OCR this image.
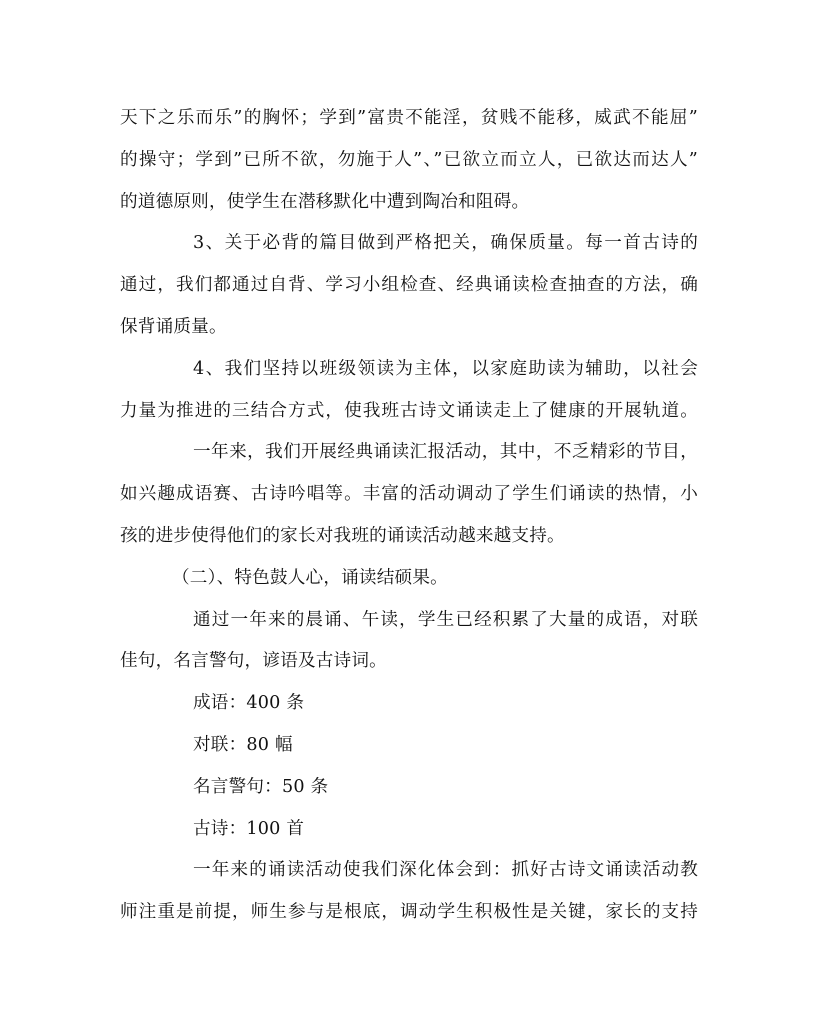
天下之乐而乐”的胸怀；学到”富贵不能淫，贫贱不能移，威武不能屈”
的操守；学到”已所不欲，勿施于人”、”已欲立而立人，已欲达而达人”
的道德原则，使学生在潜移默化中遭到陶冶和阻碍。
3、关于必背的篇目做到严格把关，确保质量。每一首古诗的
通过，我们都通过自背、学习小组检查、经典诵读检查抽查的方法，确
保背诵质量。
4、我们坚持以班级领读为主体，以家庭助读为辅助，以社会
力量为推进的三结合方式，使我班古诗文诵读走上了健康的开展轨道。
一年来，我们开展经典诵读汇报活动，其中，不乏精彩的节目，
如兴趣成语赛、古诗吟唱等。丰富的活动调动了学生们诵读的热情，小
孩的进步使得他们的家长对我班的诵读活动越来越支持。
（二）、特色鼓人心，诵读结硕果。
通过一年来的晨诵、午读，学生已经积累了大量的成语，对联
佳句，名言警句，谚语及古诗词。
成语：400 条
对联：80 幅
名言警句：50 条
古诗：100 首
一年来的诵读活动使我们深化体会到：抓好古诗文诵读活动教
师注重是前提，师生参与是根底，调动学生积极性是关键，家长的支持
